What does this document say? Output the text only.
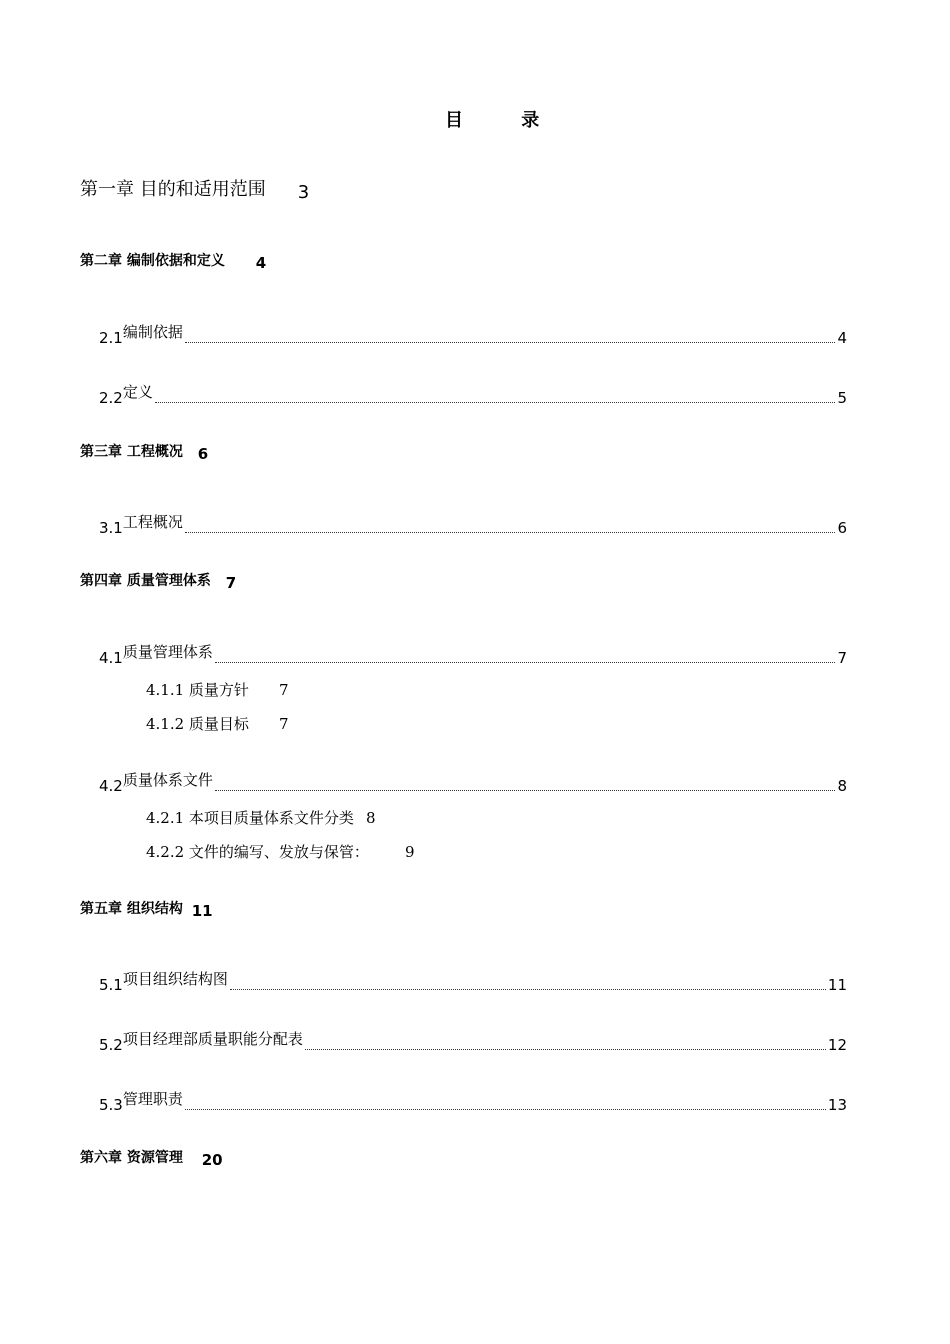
目	录
第一章 目的和适用范围 3
第二章 编制依据和定义 4
2.1 编制依据	4
2.2 定义	5
第三章 工程概况 6
3.1 工程概况	6
第四章 质量管理体系 7
4.1 质量管理体系	7
4.1.1 质量方针 7
4.1.2 质量目标 7
4.2 质量体系文件	8
4.2.1 本项目质量体系文件分类 8
4.2.2 文件的编写、发放与保管： 9
第五章 组织结构 11
5.1 项目组织结构图	11
5.2 项目经理部质量职能分配表	12
5.3 管理职责	13
第六章 资源管理 20
